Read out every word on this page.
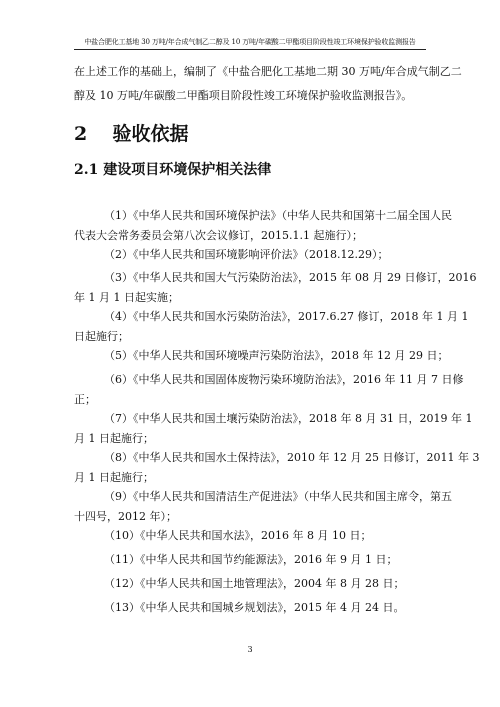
中盐合肥化工基地 30 万吨/年合成气制乙二醇及 10 万吨/年碳酸二甲酯项目阶段性竣工环境保护验收监测报告
在上述工作的基础上，编制了《中盐合肥化工基地二期 30 万吨/年合成气制乙二
醇及 10 万吨/年碳酸二甲酯项目阶段性竣工环境保护验收监测报告》。
2 验收依据
2.1 建设项目环境保护相关法律
（1）《中华人民共和国环境保护法》（中华人民共和国第十二届全国人民
代表大会常务委员会第八次会议修订，2015.1.1 起施行）；
（2）《中华人民共和国环境影响评价法》（2018.12.29）；
（3）《中华人民共和国大气污染防治法》，2015 年 08 月 29 日修订，2016
年 1 月 1 日起实施；
（4）《中华人民共和国水污染防治法》，2017.6.27 修订，2018 年 1 月 1
日起施行；
（5）《中华人民共和国环境噪声污染防治法》，2018 年 12 月 29 日；
（6）《中华人民共和国固体废物污染环境防治法》，2016 年 11 月 7 日修
正；
（7）《中华人民共和国土壤污染防治法》，2018 年 8 月 31 日，2019 年 1
月 1 日起施行；
（8）《中华人民共和国水土保持法》，2010 年 12 月 25 日修订，2011 年 3
月 1 日起施行；
（9）《中华人民共和国清洁生产促进法》（中华人民共和国主席令，第五
十四号，2012 年）；
（10）《中华人民共和国水法》，2016 年 8 月 10 日；
（11）《中华人民共和国节约能源法》，2016 年 9 月 1 日；
（12）《中华人民共和国土地管理法》，2004 年 8 月 28 日；
（13）《中华人民共和国城乡规划法》，2015 年 4 月 24 日。
3
